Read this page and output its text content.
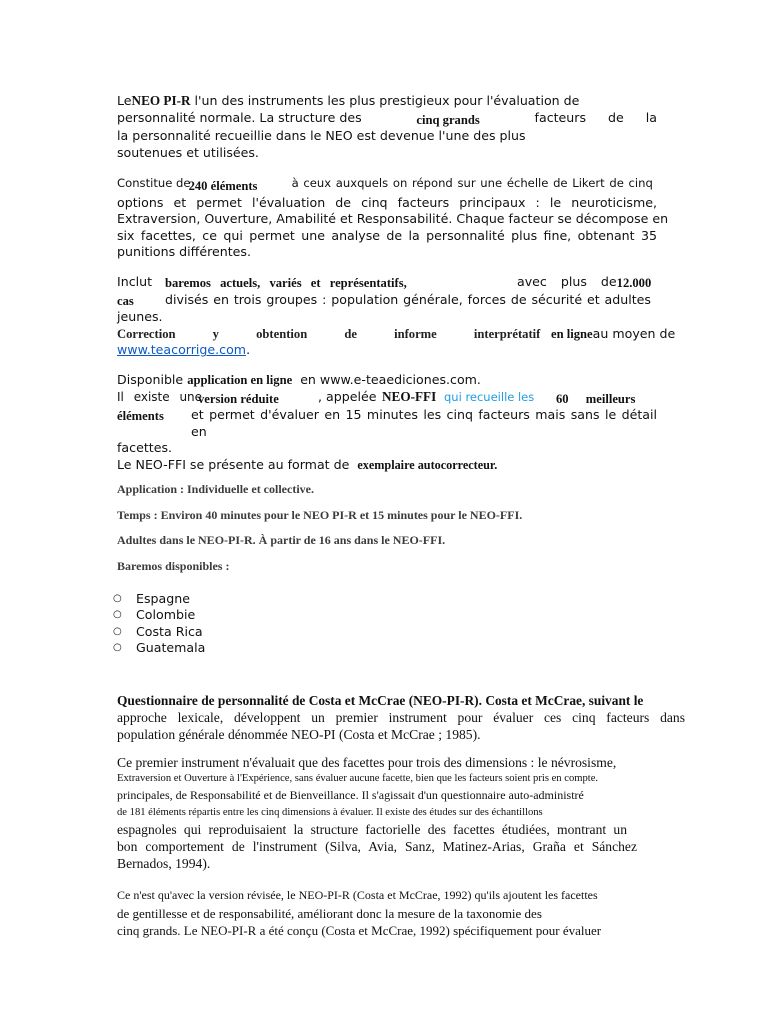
LeNEO PI-R l'un des instruments les plus prestigieux pour l'évaluation de
personnalité normale. La structure des	cinq grands	facteurs de la
la personnalité recueillie dans le NEO est devenue l'une des plus
soutenues et utilisées.
Constitue de
240 éléments	à ceux auxquels on répond sur une échelle de Likert de cinq
options et permet l'évaluation de cinq facteurs principaux : le neuroticisme,
Extraversion, Ouverture, Amabilité et Responsabilité. Chaque facteur se décompose en
six facettes, ce qui permet une analyse de la personnalité plus fine, obtenant 35
punitions différentes.
Inclut	baremos actuels, variés et représentatifs,	avec plus de 12.000
cas	divisés en trois groupes : population générale, forces de sécurité et adultes
jeunes.
Correction y obtention de informe interprétatif en ligne au moyen de
www.teacorrige.com.
Disponible application en ligne en www.e-teaediciones.com.
Il existe une
version réduite	, appelée NEO-FFI qui recueille les	60 meilleurs
éléments	et permet d'évaluer en 15 minutes les cinq facteurs mais sans le détail en
facettes.
Le NEO-FFI se présente au format de exemplaire autocorrecteur.

Application : Individuelle et collective.

Temps : Environ 40 minutes pour le NEO PI-R et 15 minutes pour le NEO-FFI.

Adultes dans le NEO-PI-R. À partir de 16 ans dans le NEO-FFI.

Baremos disponibles :

○ Espagne
○ Colombie
○ Costa Rica
○ Guatemala
Questionnaire de personnalité de Costa et McCrae (NEO-PI-R). Costa et McCrae, suivant le
approche lexicale, développent un premier instrument pour évaluer ces cinq facteurs dans
population générale dénommée NEO-PI (Costa et McCrae ; 1985).
Ce premier instrument n'évaluait que des facettes pour trois des dimensions : le névrosisme,
Extraversion et Ouverture à l'Expérience, sans évaluer aucune facette, bien que les facteurs soient pris en compte.
principales, de Responsabilité et de Bienveillance. Il s'agissait d'un questionnaire auto-administré
de 181 éléments répartis entre les cinq dimensions à évaluer. Il existe des études sur des échantillons
espagnoles qui reproduisaient la structure factorielle des facettes étudiées, montrant un
bon comportement de l'instrument (Silva, Avia, Sanz, Matinez-Arias, Graña et Sánchez
Bernados, 1994).
Ce n'est qu'avec la version révisée, le NEO-PI-R (Costa et McCrae, 1992) qu'ils ajoutent les facettes
de gentillesse et de responsabilité, améliorant donc la mesure de la taxonomie des
cinq grands. Le NEO-PI-R a été conçu (Costa et McCrae, 1992) spécifiquement pour évaluer
